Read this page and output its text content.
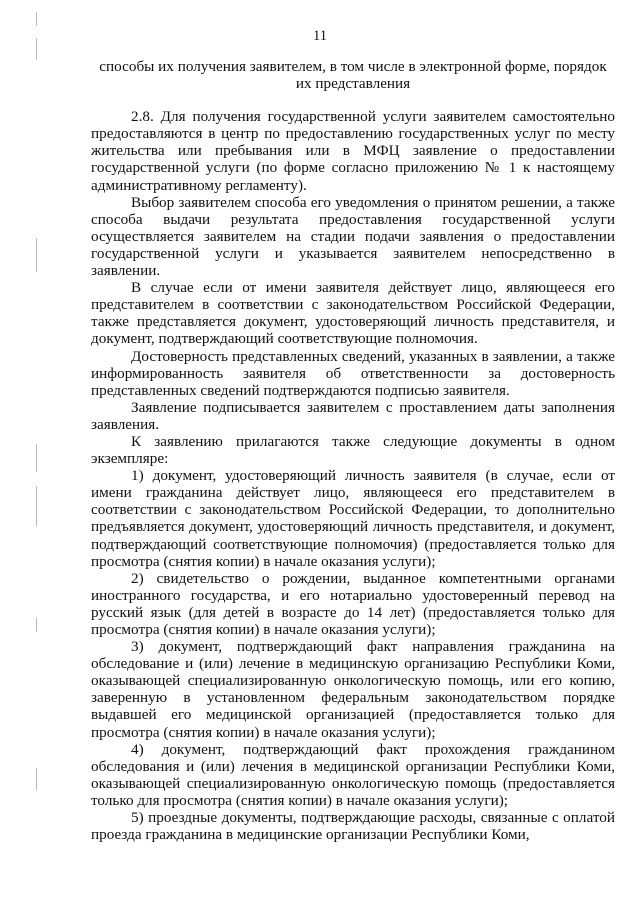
11

способы их получения заявителем, в том числе в электронной форме, порядок их представления

2.8. Для получения государственной услуги заявителем самостоятельно предоставляются в центр по предоставлению государственных услуг по месту жительства или пребывания или в МФЦ заявление о предоставлении государственной услуги (по форме согласно приложению № 1 к настоящему административному регламенту).

Выбор заявителем способа его уведомления о принятом решении, а также способа выдачи результата предоставления государственной услуги осуществляется заявителем на стадии подачи заявления о предоставлении государственной услуги и указывается заявителем непосредственно в заявлении.

В случае если от имени заявителя действует лицо, являющееся его представителем в соответствии с законодательством Российской Федерации, также представляется документ, удостоверяющий личность представителя, и документ, подтверждающий соответствующие полномочия.

Достоверность представленных сведений, указанных в заявлении, а также информированность заявителя об ответственности за достоверность представленных сведений подтверждаются подписью заявителя.

Заявление подписывается заявителем с проставлением даты заполнения заявления.

К заявлению прилагаются также следующие документы в одном экземпляре:

1) документ, удостоверяющий личность заявителя (в случае, если от имени гражданина действует лицо, являющееся его представителем в соответствии с законодательством Российской Федерации, то дополнительно предъявляется документ, удостоверяющий личность представителя, и документ, подтверждающий соответствующие полномочия) (предоставляется только для просмотра (снятия копии) в начале оказания услуги);

2) свидетельство о рождении, выданное компетентными органами иностранного государства, и его нотариально удостоверенный перевод на русский язык (для детей в возрасте до 14 лет) (предоставляется только для просмотра (снятия копии) в начале оказания услуги);

3) документ, подтверждающий факт направления гражданина на обследование и (или) лечение в медицинскую организацию Республики Коми, оказывающей специализированную онкологическую помощь, или его копию, заверенную в установленном федеральным законодательством порядке выдавшей его медицинской организацией (предоставляется только для просмотра (снятия копии) в начале оказания услуги);

4) документ, подтверждающий факт прохождения гражданином обследования и (или) лечения в медицинской организации Республики Коми, оказывающей специализированную онкологическую помощь (предоставляется только для просмотра (снятия копии) в начале оказания услуги);

5) проездные документы, подтверждающие расходы, связанные с оплатой проезда гражданина в медицинские организации Республики Коми,
